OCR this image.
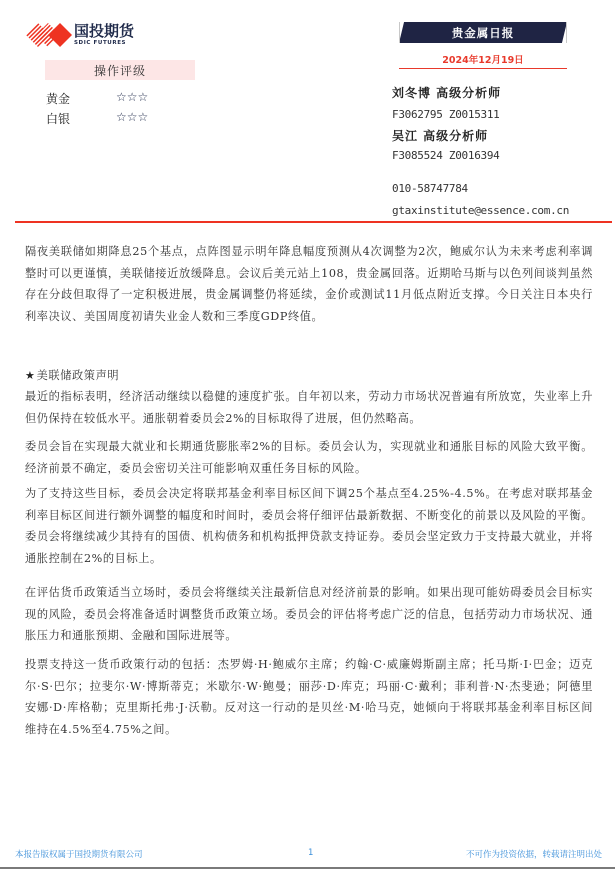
国投期货
SDIC FUTURES
操作评级
黄金	☆☆☆
白银	☆☆☆
贵金属日报
2024年12月19日
刘冬博 高级分析师
F3062795 Z0015311
吴江 高级分析师
F3085524 Z0016394
010-58747784
gtaxinstitute@essence.com.cn

隔夜美联储如期降息25个基点，点阵图显示明年降息幅度预测从4次调整为2次，鲍威尔认为未来考虑利率调整时可以更谨慎，美联储接近放缓降息。会议后美元站上108，贵金属回落。近期哈马斯与以色列间谈判虽然存在分歧但取得了一定积极进展，贵金属调整仍将延续，金价或测试11月低点附近支撑。今日关注日本央行利率决议、美国周度初请失业金人数和三季度GDP终值。

★美联储政策声明

最近的指标表明，经济活动继续以稳健的速度扩张。自年初以来，劳动力市场状况普遍有所放宽，失业率上升但仍保持在较低水平。通胀朝着委员会2%的目标取得了进展，但仍然略高。

委员会旨在实现最大就业和长期通货膨胀率2%的目标。委员会认为，实现就业和通胀目标的风险大致平衡。经济前景不确定，委员会密切关注可能影响双重任务目标的风险。

为了支持这些目标，委员会决定将联邦基金利率目标区间下调25个基点至4.25%-4.5%。在考虑对联邦基金利率目标区间进行额外调整的幅度和时间时，委员会将仔细评估最新数据、不断变化的前景以及风险的平衡。委员会将继续减少其持有的国债、机构债务和机构抵押贷款支持证券。委员会坚定致力于支持最大就业，并将通胀控制在2%的目标上。

在评估货币政策适当立场时，委员会将继续关注最新信息对经济前景的影响。如果出现可能妨碍委员会目标实现的风险，委员会将准备适时调整货币政策立场。委员会的评估将考虑广泛的信息，包括劳动力市场状况、通胀压力和通胀预期、金融和国际进展等。

投票支持这一货币政策行动的包括：杰罗姆·H·鲍威尔主席；约翰·C·威廉姆斯副主席；托马斯·I·巴金；迈克尔·S·巴尔；拉斐尔·W·博斯蒂克；米歇尔·W·鲍曼；丽莎·D·库克；玛丽·C·戴利；菲利普·N·杰斐逊；阿德里安娜·D·库格勒；克里斯托弗·J·沃勒。反对这一行动的是贝丝·M·哈马克，她倾向于将联邦基金利率目标区间维持在4.5%至4.75%之间。

本报告版权属于国投期货有限公司	1	不可作为投资依据，转载请注明出处
